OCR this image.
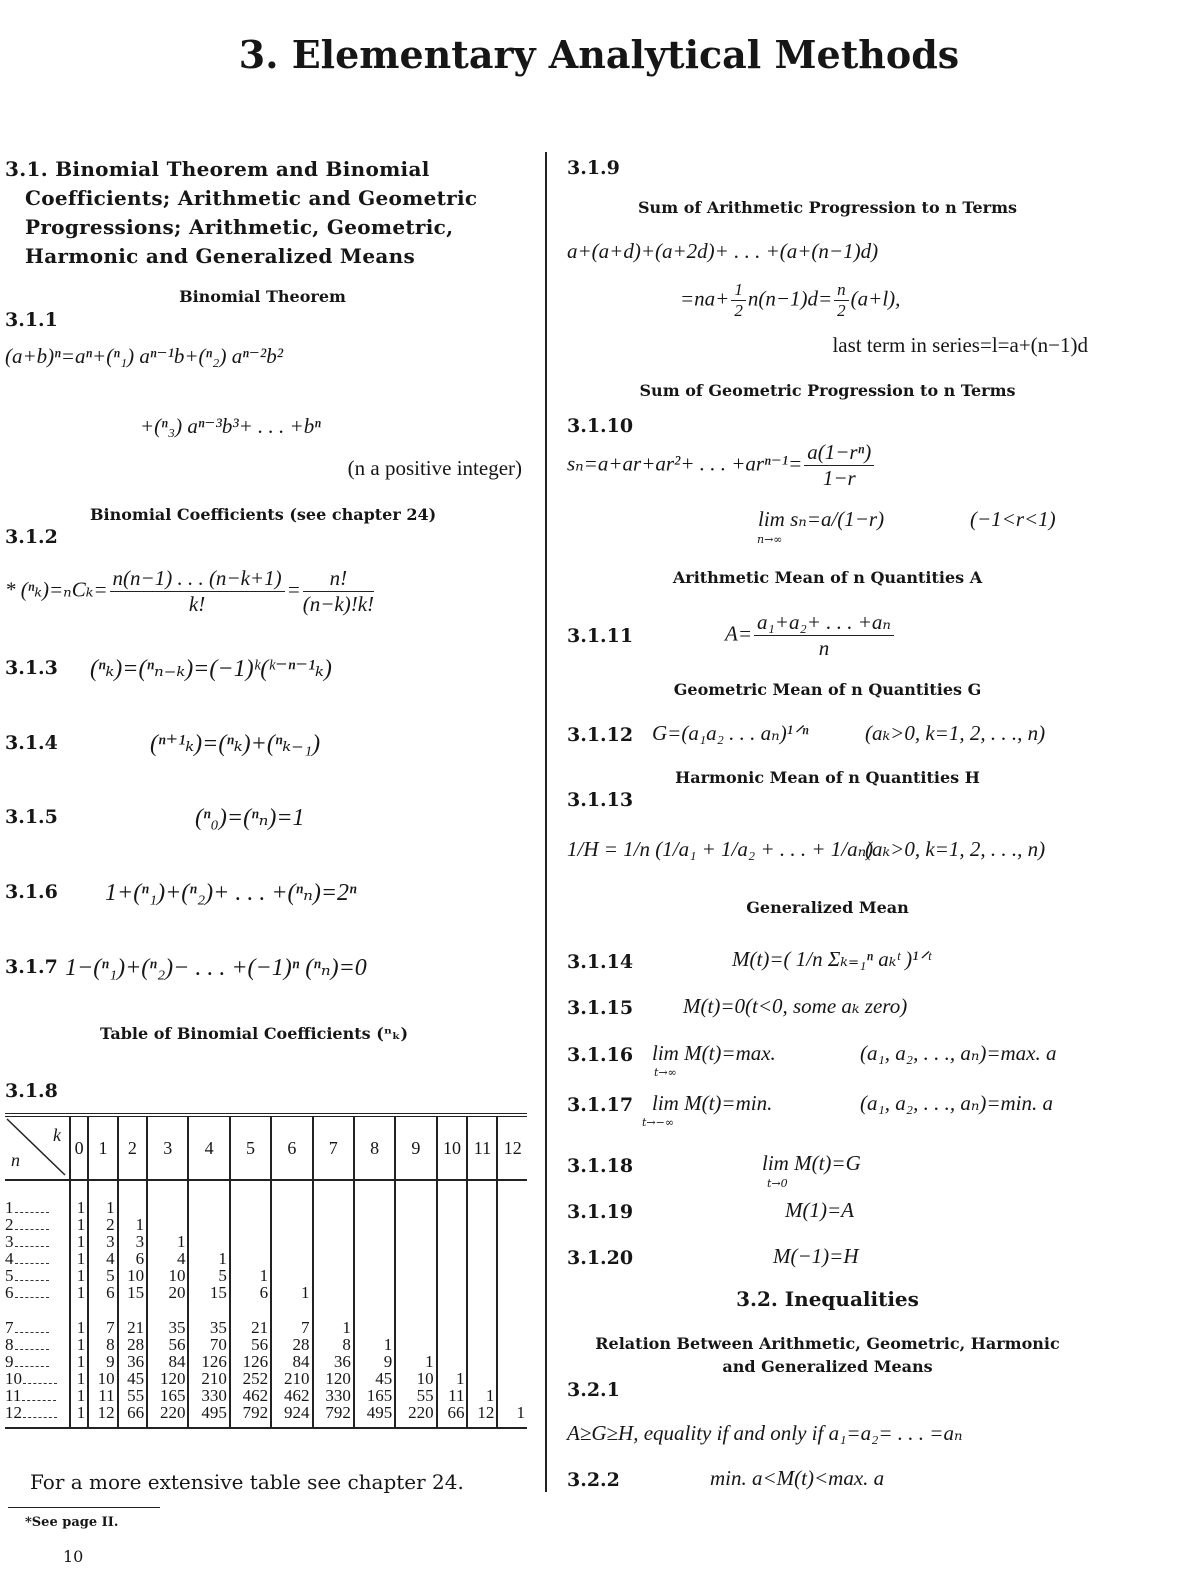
3. Elementary Analytical Methods
3.1. Binomial Theorem and Binomial Coefficients; Arithmetic and Geometric Progressions; Arithmetic, Geometric, Harmonic and Generalized Means
Binomial Theorem
3.1.1
(a+b)ⁿ=aⁿ+(ⁿ₁) aⁿ⁻¹b+(ⁿ₂) aⁿ⁻²b²
+(ⁿ₃) aⁿ⁻³b³+ . . . +bⁿ
(n a positive integer)
Binomial Coefficients (see chapter 24)
3.1.2
* $(^n_k)=_nC_k= \frac{n(n-1) . . . (n-k+1)}{k!} = \frac{n!}{(n-k)!k!}$
3.1.3 (ⁿₖ)=(ⁿₙ₋ₖ)=(−1)ᵏ(ᵏ⁻ⁿ⁻¹ₖ)
3.1.4	(ⁿ⁺¹ₖ)=(ⁿₖ)+(ⁿₖ₋₁)
3.1.5	(ⁿ₀)=(ⁿₙ)=1
3.1.6 1+(ⁿ₁)+(ⁿ₂)+ . . . +(ⁿₙ)=2ⁿ
3.1.7 1−(ⁿ₁)+(ⁿ₂)− . . . +(−1)ⁿ (ⁿₙ)=0
Table of Binomial Coefficients (ⁿₖ)
3.1.8
k
n	0	1	2	3	4	5	6	7	8	9	10	11	12

1	1	1											
2	1	2	1										
3	1	3	3	1									
4	1	4	6	4	1								
5	1	5	10	10	5	1							
6	1	6	15	20	15	6	1						

7	1	7	21	35	35	21	7	1					
8	1	8	28	56	70	56	28	8	1				
9	1	9	36	84	126	126	84	36	9	1			
10	1	10	45	120	210	252	210	120	45	10	1		
11	1	11	55	165	330	462	462	330	165	55	11	1	
12	1	12	66	220	495	792	924	792	495	220	66	12	1
For a more extensive table see chapter 24.
*See page II.
10
3.1.9
Sum of Arithmetic Progression to n Terms
a+(a+d)+(a+2d)+ . . . +(a+(n−1)d)
$=na+ \frac{1}{2} n(n-1)d= \frac{n}{2} (a+l)$,
last term in series=l=a+(n−1)d
Sum of Geometric Progression to n Terms
3.1.10
sₙ=a+ar+ar²+ . . . $+ar^{n-1}= \frac{\text{a(1−rⁿ)}}{1-r}$
lim sₙ=a/(1−r)
n→∞
(−1<r<1)
Arithmetic Mean of n Quantities A
3.1.11	$A= \frac{\text{a₁+a₂+ . . . +aₙ}}{n}$
Geometric Mean of n Quantities G
3.1.12 G=(a₁a₂ . . . aₙ)¹ᐟⁿ	(aₖ>0, k=1, 2, . . ., n)
Harmonic Mean of n Quantities H
3.1.13
1/H = 1/n (1/a₁ + 1/a₂ + . . . + 1/aₙ)
(aₖ>0, k=1, 2, . . ., n)
Generalized Mean
3.1.14	M(t)=( 1/n Σₖ₌₁ⁿ aₖᵗ )¹ᐟᵗ
3.1.15 M(t)=0(t<0, some aₖ zero)
3.1.16 lim M(t)=max.
t→∞
(a₁, a₂, . . ., aₙ)=max. a
3.1.17 lim M(t)=min.
t→−∞
(a₁, a₂, . . ., aₙ)=min. a
3.1.18	lim M(t)=G
t→0
3.1.19	M(1)=A
3.1.20	M(−1)=H
3.2. Inequalities
Relation Between Arithmetic, Geometric, Harmonic
and Generalized Means
3.2.1
A≥G≥H, equality if and only if a₁=a₂= . . . =aₙ
3.2.2	min. a<M(t)<max. a
